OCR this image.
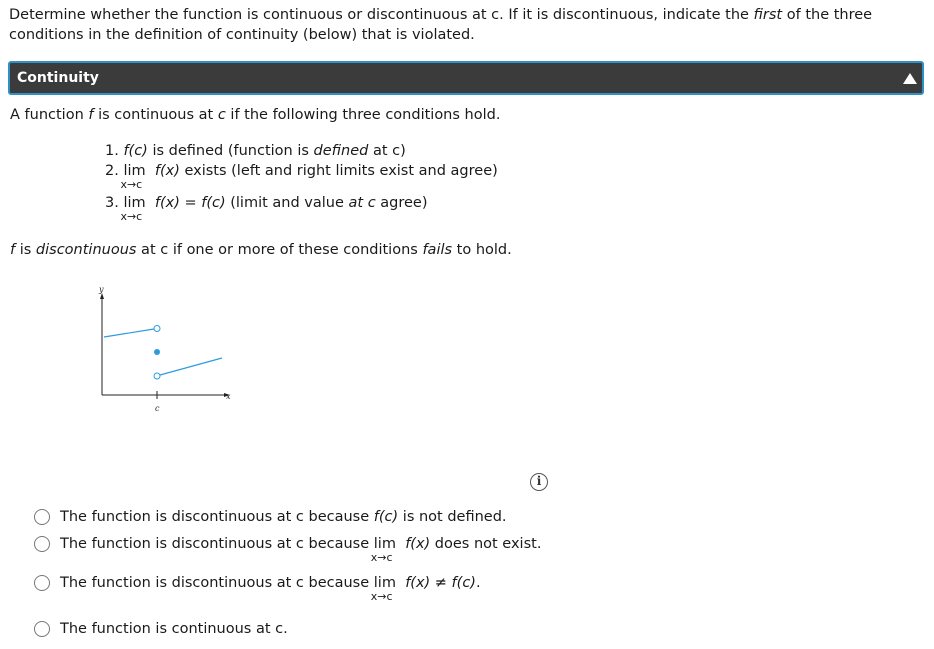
Determine whether the function is continuous or discontinuous at c. If it is discontinuous, indicate the first of the three
conditions in the definition of continuity (below) that is violated.
Continuity
A function f is continuous at c if the following three conditions hold.
1. f(c) is defined (function is defined at c)
2. lim
x→c
f(x) exists (left and right limits exist and agree)
3. lim
x→c
f(x) = f(c) (limit and value at c agree)
f is discontinuous at c if one or more of these conditions fails to hold.
y
x
c
i
The function is discontinuous at c because f(c) is not defined.
The function is discontinuous at c because lim
x→c
f(x) does not exist.
The function is discontinuous at c because lim
x→c
f(x) ≠ f(c).
The function is continuous at c.
